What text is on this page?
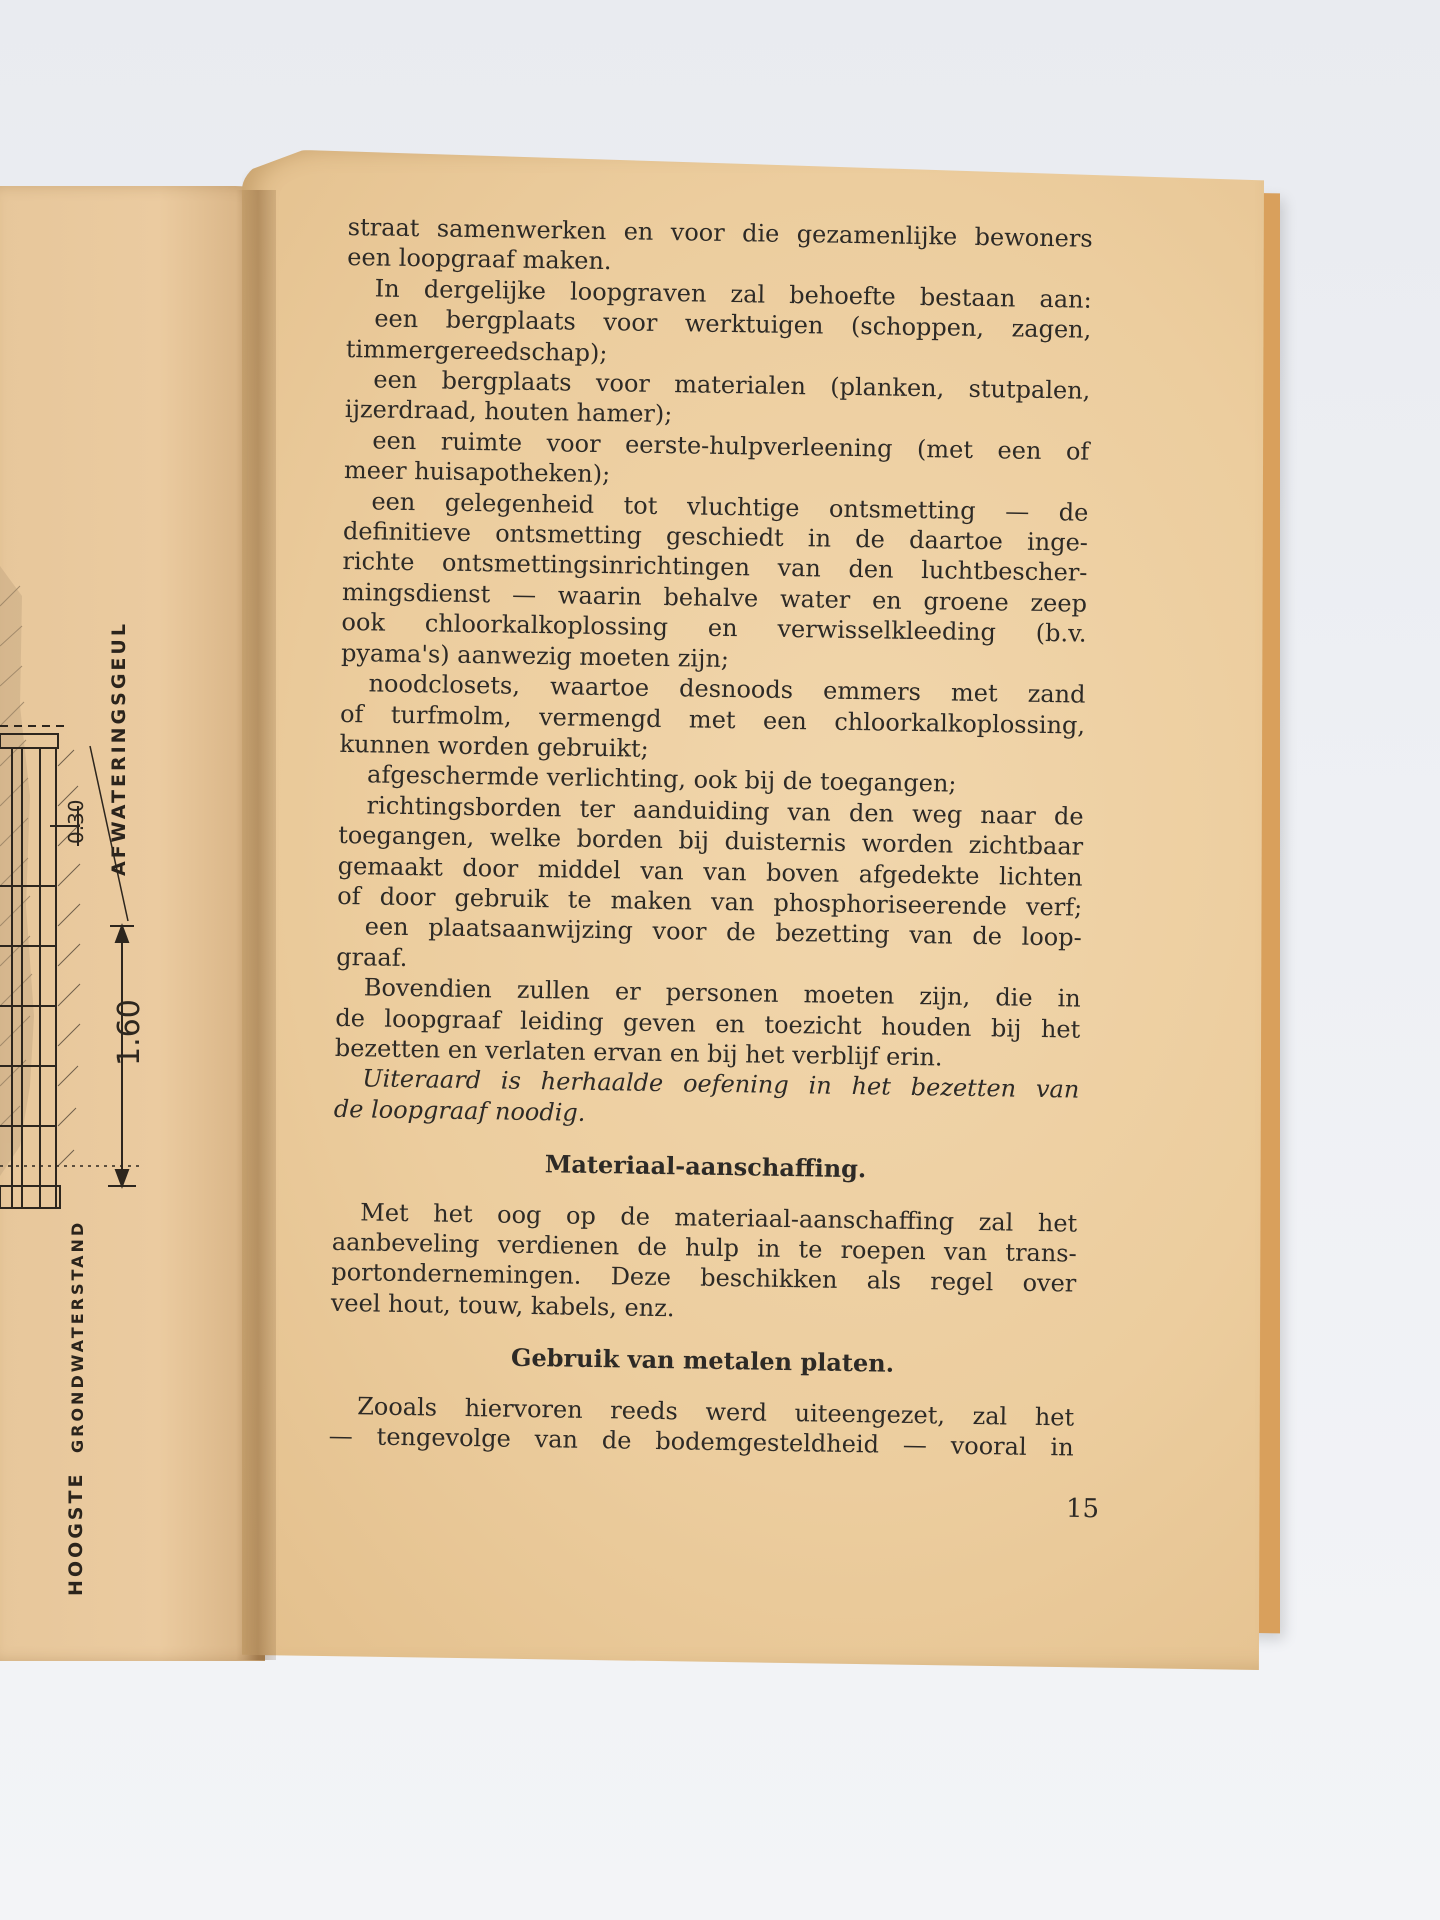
AFWATERINGSGEUL
GRONDWATERSTAND
HOOGSTE
0.30
1.60
straat samenwerken en voor die gezamenlijke bewoners
een loopgraaf maken.
In dergelijke loopgraven zal behoefte bestaan aan:
een bergplaats voor werktuigen (schoppen, zagen,
timmergereedschap);
een bergplaats voor materialen (planken, stutpalen,
ijzerdraad, houten hamer);
een ruimte voor eerste-hulpverleening (met een of
meer huisapotheken);
een gelegenheid tot vluchtige ontsmetting — de
definitieve ontsmetting geschiedt in de daartoe inge-
richte ontsmettingsinrichtingen van den luchtbescher-
mingsdienst — waarin behalve water en groene zeep
ook chloorkalkoplossing en verwisselkleeding (b.v.
pyama's) aanwezig moeten zijn;
noodclosets, waartoe desnoods emmers met zand
of turfmolm, vermengd met een chloorkalkoplossing,
kunnen worden gebruikt;
afgeschermde verlichting, ook bij de toegangen;
richtingsborden ter aanduiding van den weg naar de
toegangen, welke borden bij duisternis worden zichtbaar
gemaakt door middel van van boven afgedekte lichten
of door gebruik te maken van phosphoriseerende verf;
een plaatsaanwijzing voor de bezetting van de loop-
graaf.
Bovendien zullen er personen moeten zijn, die in
de loopgraaf leiding geven en toezicht houden bij het
bezetten en verlaten ervan en bij het verblijf erin.
Uiteraard is herhaalde oefening in het bezetten van
de loopgraaf noodig.
Materiaal-aanschaffing.
Met het oog op de materiaal-aanschaffing zal het
aanbeveling verdienen de hulp in te roepen van trans-
portondernemingen. Deze beschikken als regel over
veel hout, touw, kabels, enz.
Gebruik van metalen platen.
Zooals hiervoren reeds werd uiteengezet, zal het
— tengevolge van de bodemgesteldheid — vooral in
15
